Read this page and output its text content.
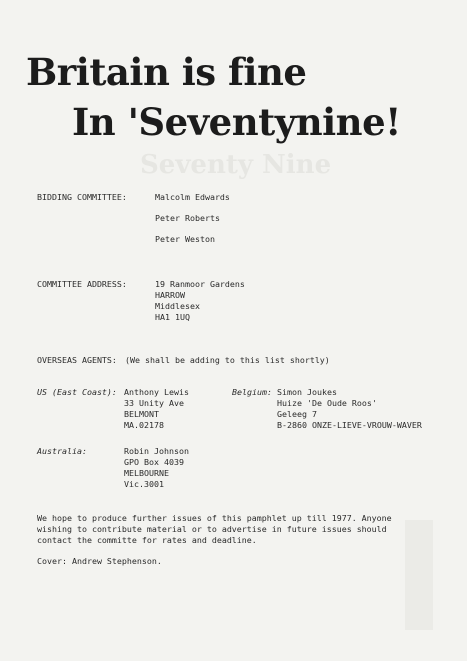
Seventy Nine
Britain is fine
In 'Seventynine!
BIDDING COMMITTEE:	Malcolm Edwards
Peter Roberts
Peter Weston
COMMITTEE ADDRESS:	19 Ranmoor Gardens
HARROW
Middlesex
HA1 1UQ
OVERSEAS AGENTS: (We shall be adding to this list shortly)
US (East Coast): Anthony Lewis
33 Unity Ave
BELMONT
MA.02178
Belgium: Simon Joukes
Huize 'De Oude Roos'
Geleeg 7
B-2860 ONZE-LIEVE-VROUW-WAVER
Australia:	Robin Johnson
GPO Box 4039
MELBOURNE
Vic.3001
We hope to produce further issues of this pamphlet up till 1977. Anyone
wishing to contribute material or to advertise in future issues should
contact the committe for rates and deadline.
Cover: Andrew Stephenson.
